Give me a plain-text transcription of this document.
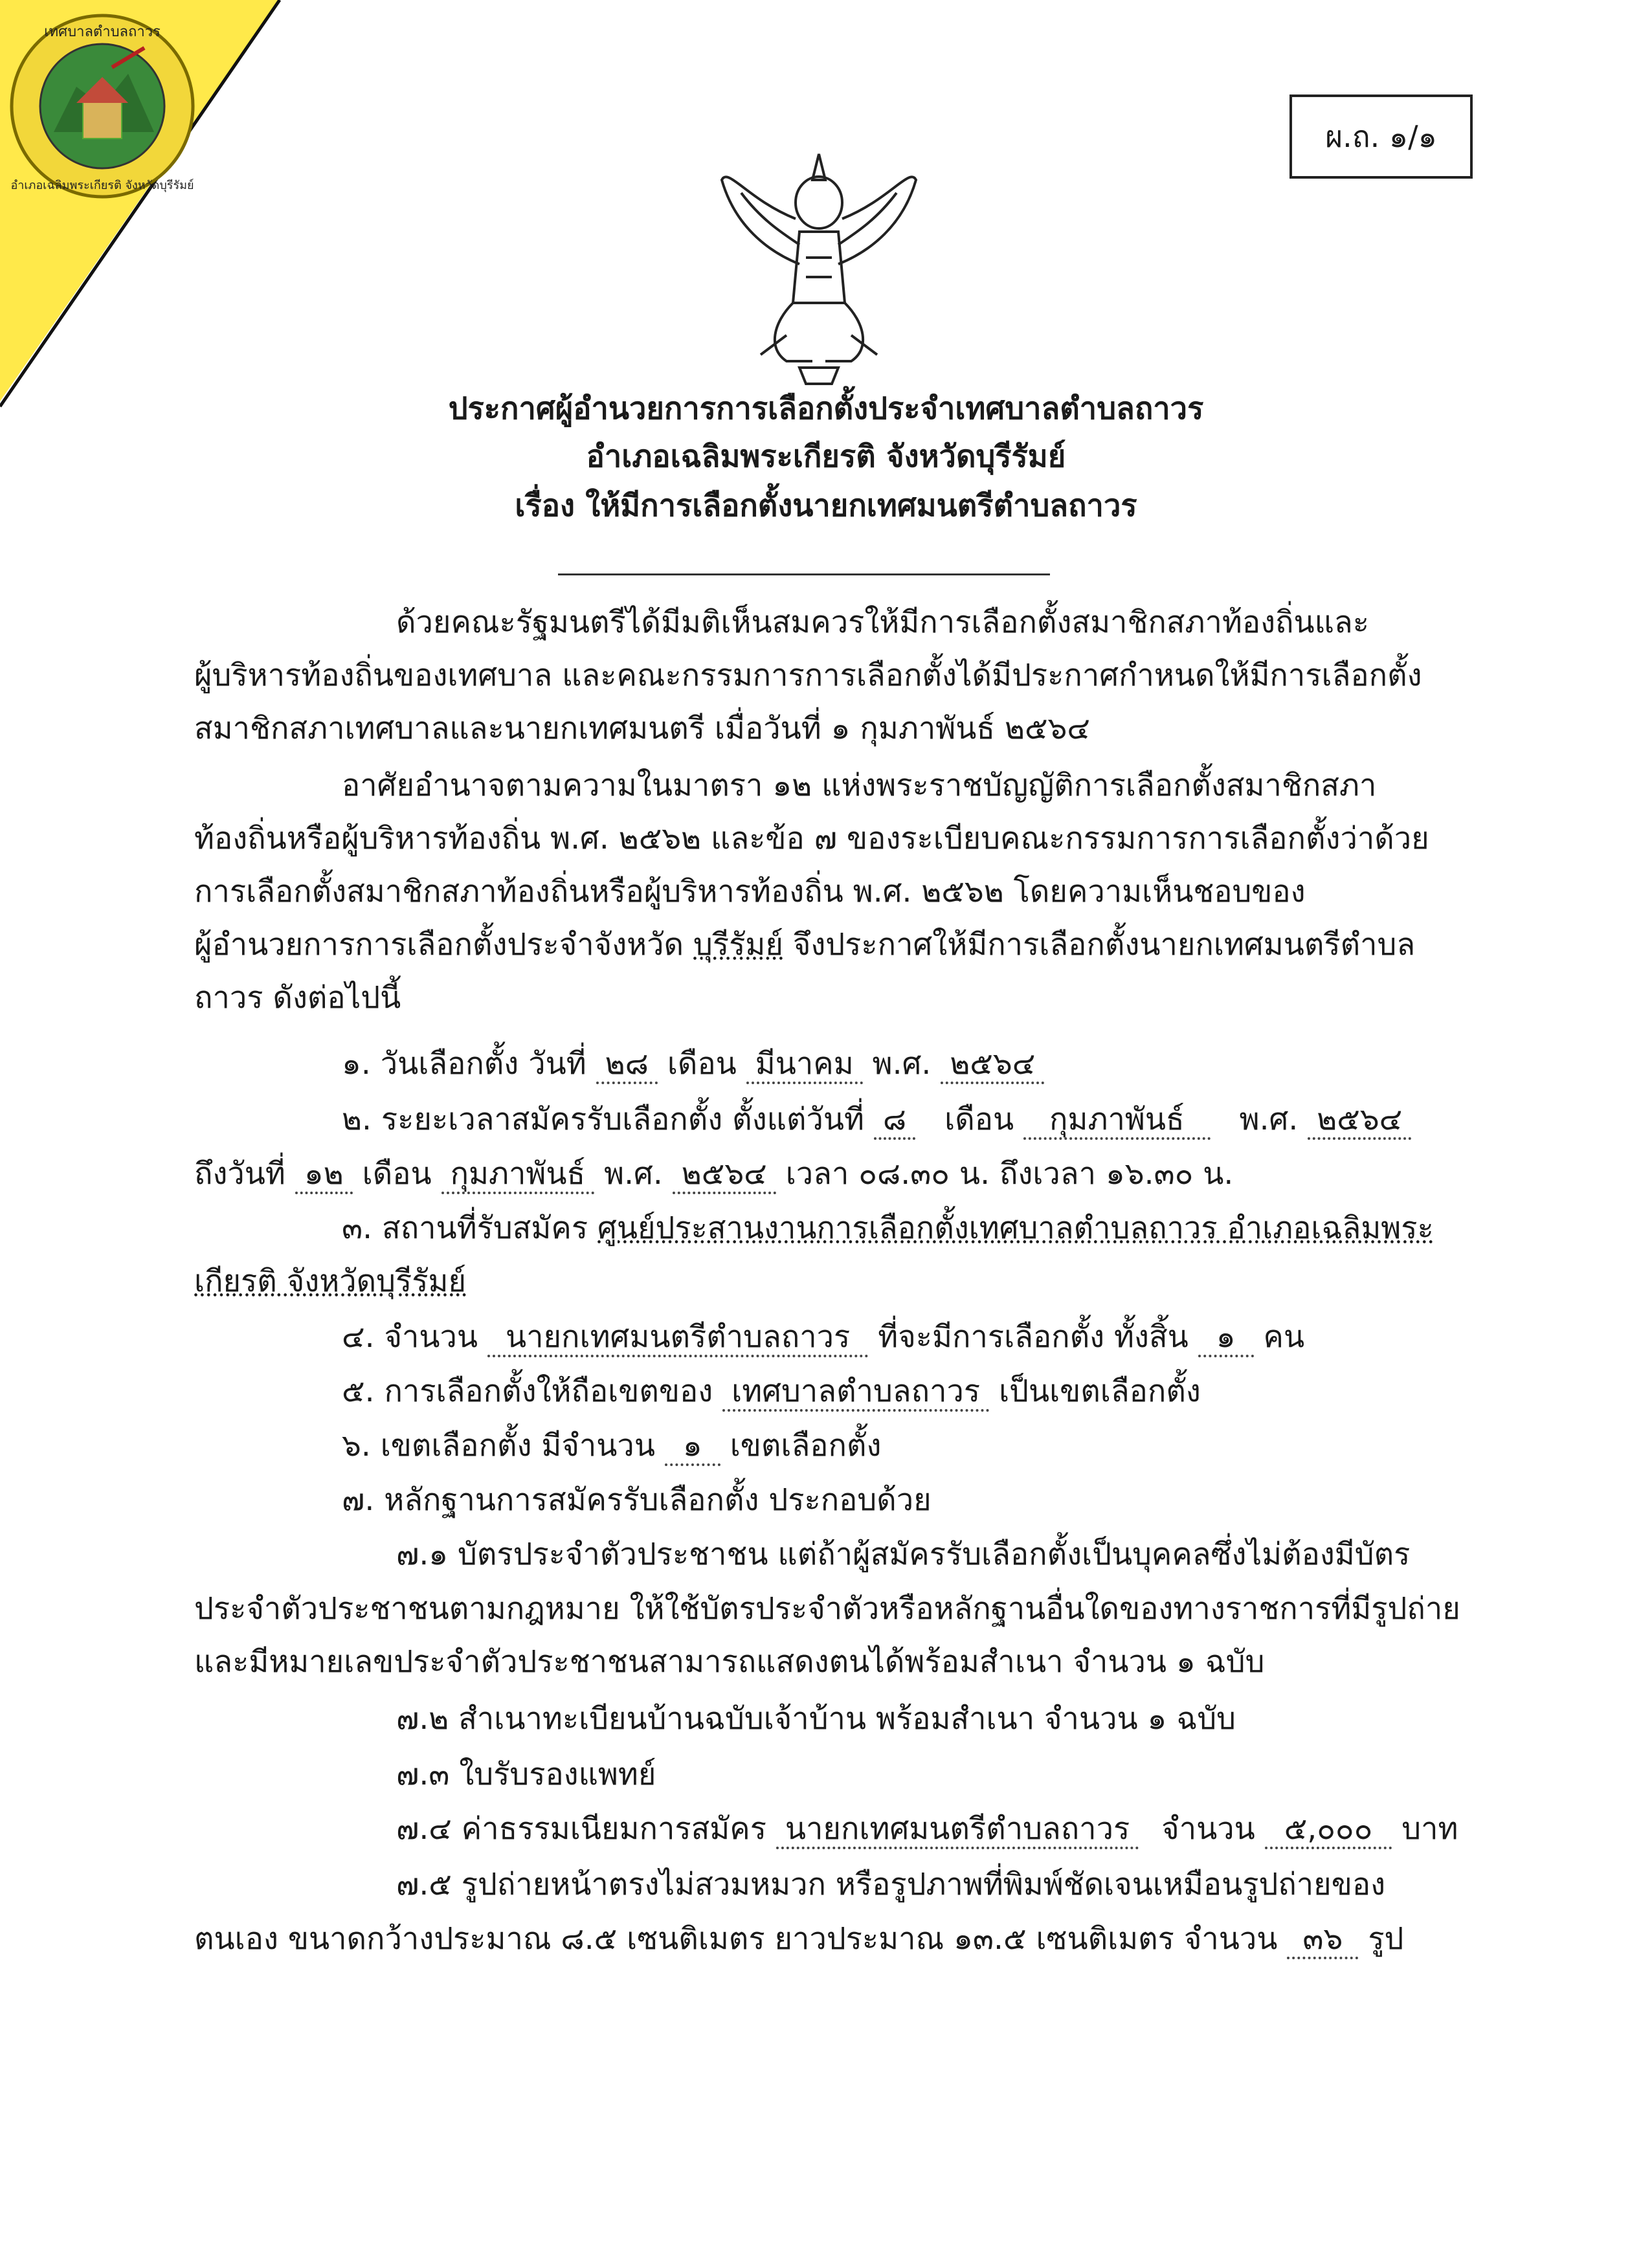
เทศบาลตำบลถาวร
อำเภอเฉลิมพระเกียรติ จังหวัดบุรีรัมย์
ผ.ถ. ๑/๑
ประกาศผู้อำนวยการการเลือกตั้งประจำเทศบาลตำบลถาวร
อำเภอเฉลิมพระเกียรติ จังหวัดบุรีรัมย์
เรื่อง ให้มีการเลือกตั้งนายกเทศมนตรีตำบลถาวร
ด้วยคณะรัฐมนตรีได้มีมติเห็นสมควรให้มีการเลือกตั้งสมาชิกสภาท้องถิ่นและ
ผู้บริหารท้องถิ่นของเทศบาล และคณะกรรมการการเลือกตั้งได้มีประกาศกำหนดให้มีการเลือกตั้ง
สมาชิกสภาเทศบาลและนายกเทศมนตรี เมื่อวันที่ ๑ กุมภาพันธ์ ๒๕๖๔
อาศัยอำนาจตามความในมาตรา ๑๒ แห่งพระราชบัญญัติการเลือกตั้งสมาชิกสภา
ท้องถิ่นหรือผู้บริหารท้องถิ่น พ.ศ. ๒๕๖๒ และข้อ ๗ ของระเบียบคณะกรรมการการเลือกตั้งว่าด้วย
การเลือกตั้งสมาชิกสภาท้องถิ่นหรือผู้บริหารท้องถิ่น พ.ศ. ๒๕๖๒ โดยความเห็นชอบของ
ผู้อำนวยการการเลือกตั้งประจำจังหวัด บุรีรัมย์ จึงประกาศให้มีการเลือกตั้งนายกเทศมนตรีตำบล
ถาวร ดังต่อไปนี้
๑. วันเลือกตั้ง วันที่ ๒๘ เดือน มีนาคม พ.ศ. ๒๕๖๔
๒. ระยะเวลาสมัครรับเลือกตั้ง ตั้งแต่วันที่ ๘ เดือน กุมภาพันธ์ พ.ศ. ๒๕๖๔
ถึงวันที่ ๑๒ เดือน กุมภาพันธ์ พ.ศ. ๒๕๖๔ เวลา ๐๘.๓๐ น. ถึงเวลา ๑๖.๓๐ น.
๓. สถานที่รับสมัคร ศูนย์ประสานงานการเลือกตั้งเทศบาลตำบลถาวร อำเภอเฉลิมพระ
เกียรติ จังหวัดบุรีรัมย์
๔. จำนวน นายกเทศมนตรีตำบลถาวร ที่จะมีการเลือกตั้ง ทั้งสิ้น ๑ คน
๕. การเลือกตั้งให้ถือเขตของ เทศบาลตำบลถาวร เป็นเขตเลือกตั้ง
๖. เขตเลือกตั้ง มีจำนวน ๑ เขตเลือกตั้ง
๗. หลักฐานการสมัครรับเลือกตั้ง ประกอบด้วย
๗.๑ บัตรประจำตัวประชาชน แต่ถ้าผู้สมัครรับเลือกตั้งเป็นบุคคลซึ่งไม่ต้องมีบัตร
ประจำตัวประชาชนตามกฎหมาย ให้ใช้บัตรประจำตัวหรือหลักฐานอื่นใดของทางราชการที่มีรูปถ่าย
และมีหมายเลขประจำตัวประชาชนสามารถแสดงตนได้พร้อมสำเนา จำนวน ๑ ฉบับ
๗.๒ สำเนาทะเบียนบ้านฉบับเจ้าบ้าน พร้อมสำเนา จำนวน ๑ ฉบับ
๗.๓ ใบรับรองแพทย์
๗.๔ ค่าธรรมเนียมการสมัคร นายกเทศมนตรีตำบลถาวร จำนวน ๕,๐๐๐ บาท
๗.๕ รูปถ่ายหน้าตรงไม่สวมหมวก หรือรูปภาพที่พิมพ์ชัดเจนเหมือนรูปถ่ายของ
ตนเอง ขนาดกว้างประมาณ ๘.๕ เซนติเมตร ยาวประมาณ ๑๓.๕ เซนติเมตร จำนวน ๓๖ รูป
